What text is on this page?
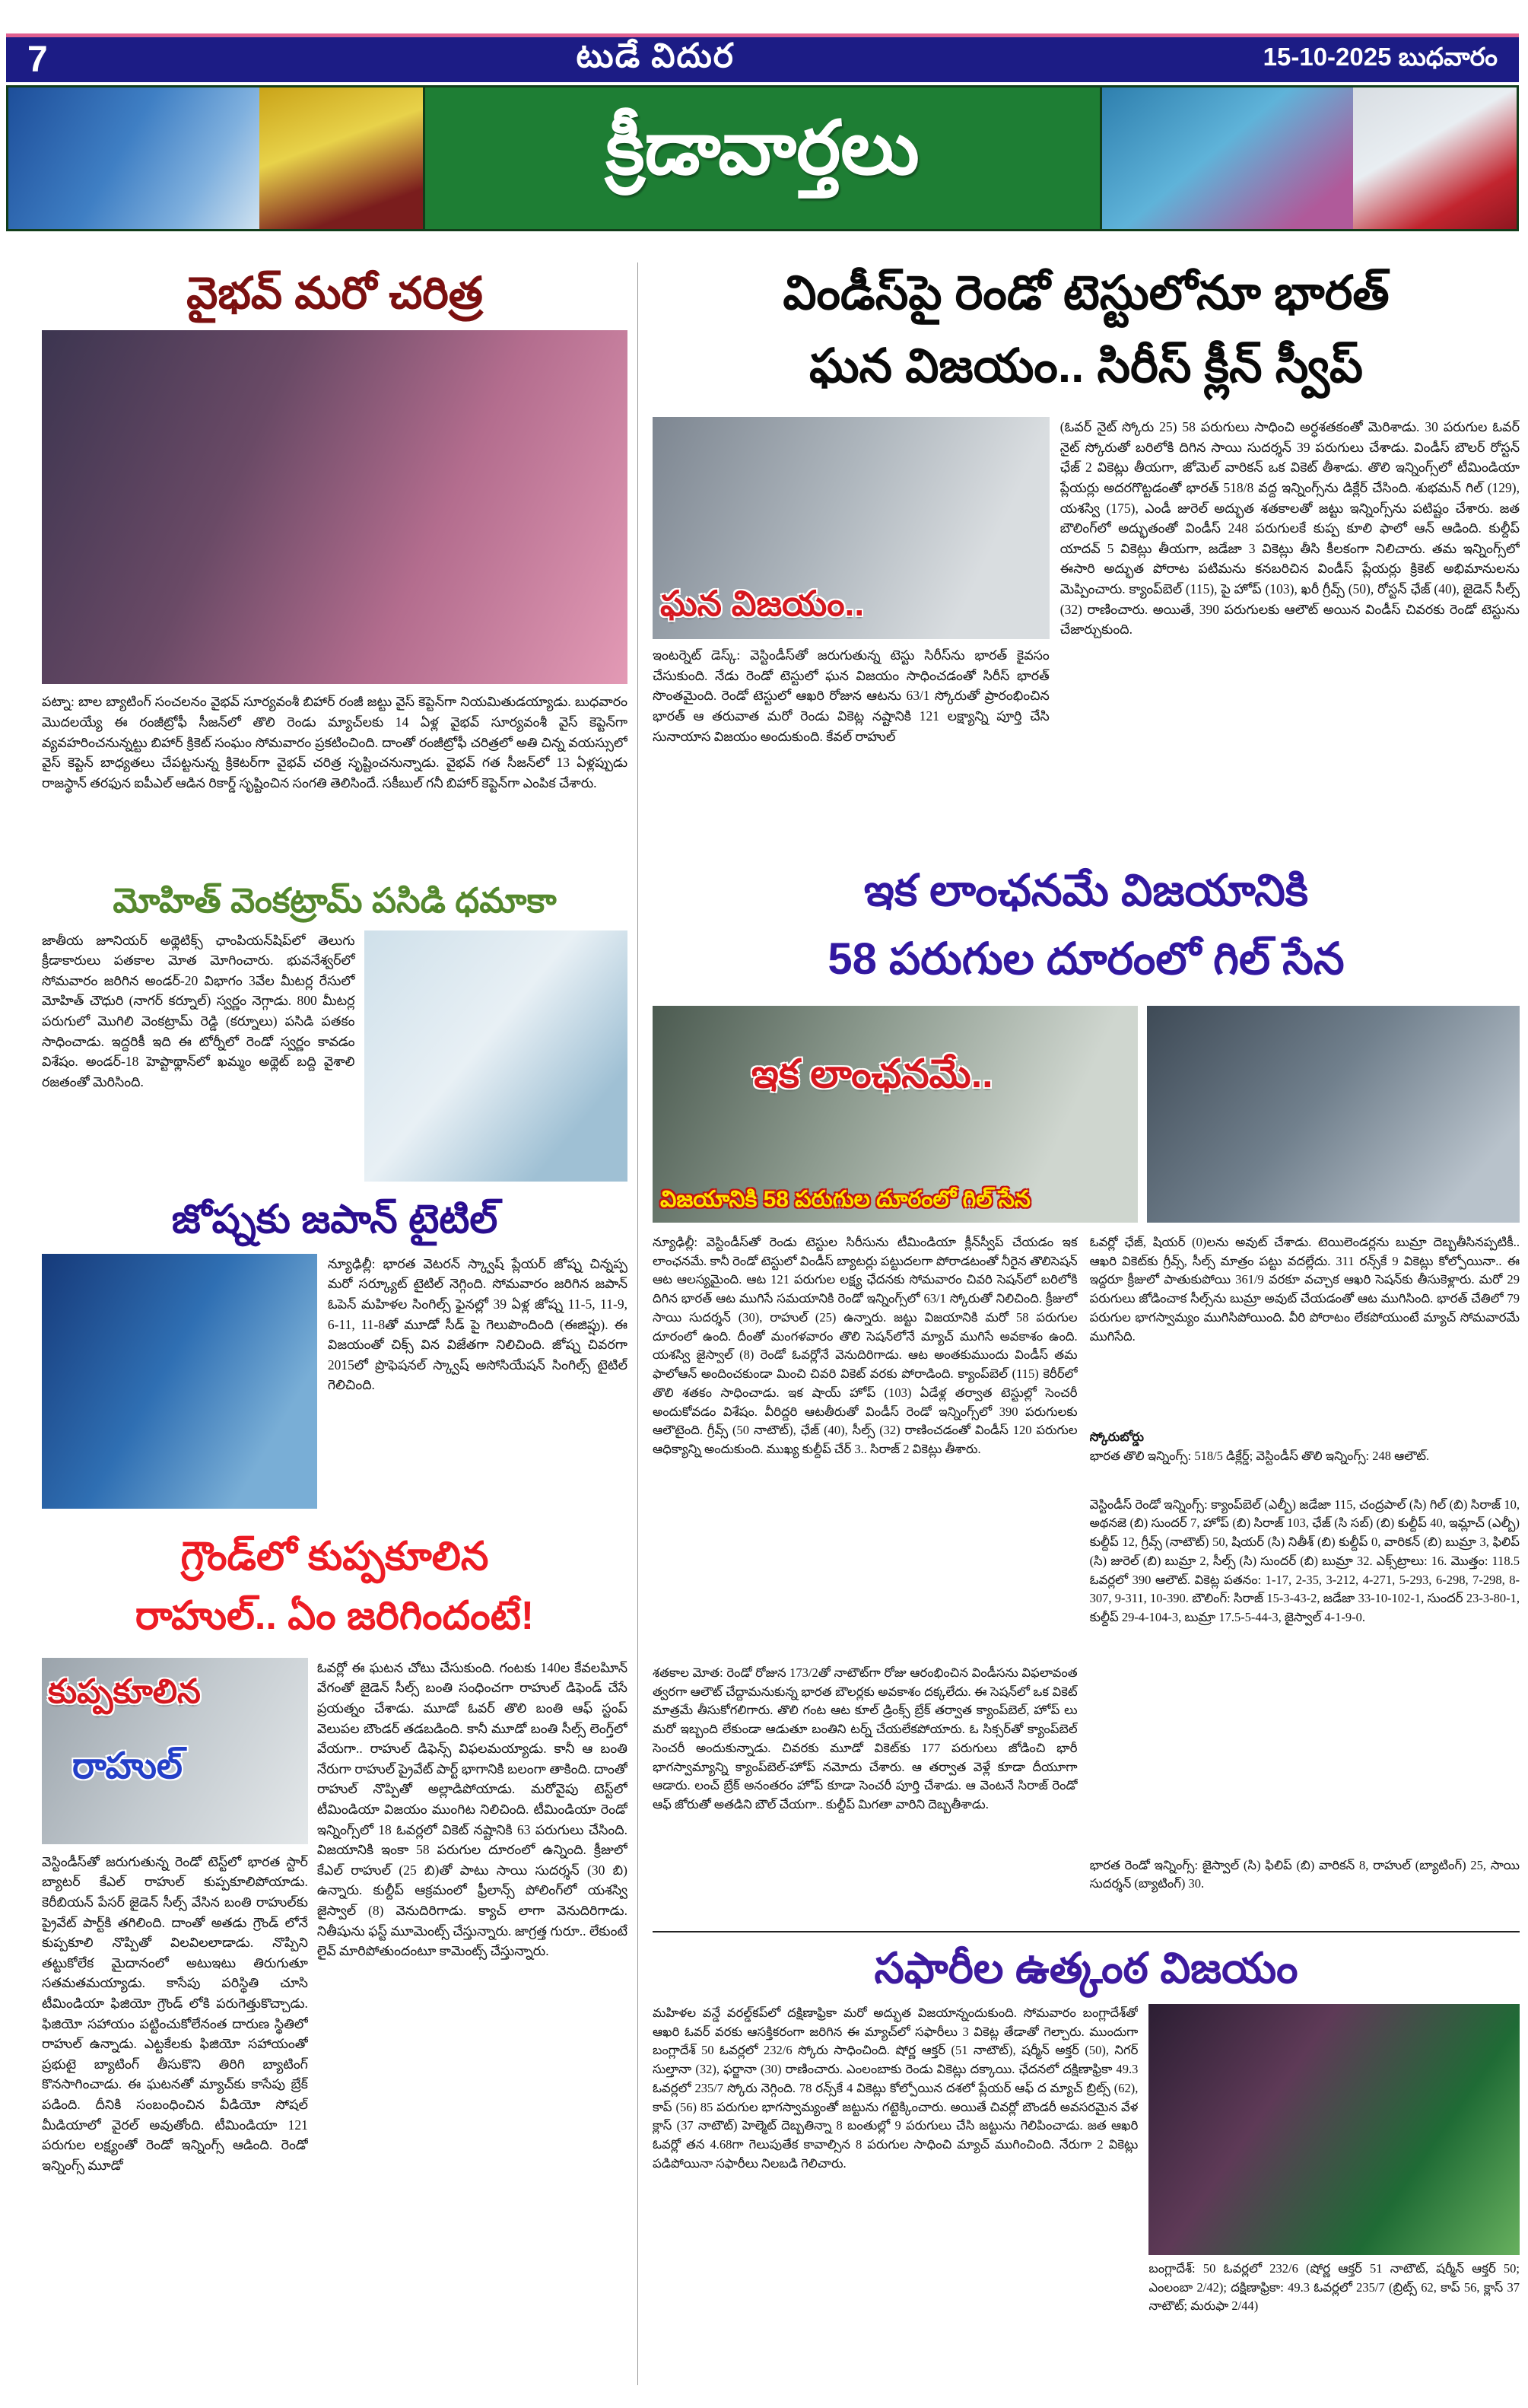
7	టుడే విదుర	15-10-2025 బుధవారం
క్రీడావార్తలు
వైభవ్ మరో చరిత్ర
పట్నా: బాల బ్యాటింగ్ సంచలనం వైభవ్ సూర్యవంశీ బిహార్ రంజీ జట్టు వైస్ కెప్టెన్‌గా నియమితుడయ్యాడు. బుధవారం మొదలయ్యే ఈ రంజీట్రోఫీ సీజన్‌లో తొలి రెండు మ్యాచ్‌లకు 14 ఏళ్ల వైభవ్ సూర్యవంశీ వైస్ కెప్టెన్‌గా వ్యవహరించనున్నట్టు బిహార్ క్రికెట్ సంఘం సోమవారం ప్రకటించింది. దాంతో రంజీట్రోఫీ చరిత్రలో అతి చిన్న వయస్సులో వైస్ కెప్టెన్ బాధ్యతలు చేపట్టనున్న క్రికెటర్‌గా వైభవ్ చరిత్ర సృష్టించనున్నాడు. వైభవ్ గత సీజన్‌లో 13 ఏళ్లప్పుడు రాజస్థాన్ తరఫున ఐపీఎల్ ఆడిన రికార్డ్ సృష్టించిన సంగతి తెలిసిందే. సకీబుల్ గనీ బిహార్ కెప్టెన్‌గా ఎంపిక చేశారు.
మోహిత్ వెంకట్రామ్ పసిడి ధమాకా
జాతీయ జూనియర్ అథ్లెటిక్స్ ఛాంపియన్‌షిప్‌లో తెలుగు క్రీడాకారులు పతకాల మోత మోగించారు. భువనేశ్వర్‌లో సోమవారం జరిగిన అండర్-20 విభాగం 3వేల మీటర్ల రేసులో మోహిత్ చౌధురి (నాగర్ కర్నూల్) స్వర్ణం నెగ్గాడు. 800 మీటర్ల పరుగులో మొగిలి వెంకట్రామ్ రెడ్డి (కర్నూలు) పసిడి పతకం సాధించాడు. ఇద్దరికీ ఇది ఈ టోర్నీలో రెండో స్వర్ణం కావడం విశేషం. అండర్-18 హెప్టాథ్లాన్‌లో ఖమ్మం అథ్లెట్ బద్ది వైశాలి రజతంతో మెరిసింది.
జోష్నకు జపాన్ టైటిల్
న్యూఢిల్లీ: భారత వెటరన్ స్క్వాష్ ప్లేయర్ జోష్న చిన్నప్ప మరో సర్క్యూట్ టైటిల్ నెగ్గింది. సోమవారం జరిగిన జపాన్ ఓపెన్ మహిళల సింగిల్స్ ఫైనల్లో 39 ఏళ్ల జోష్న 11-5, 11-9, 6-11, 11-8తో మూడో సీడ్ పై గెలుపొందింది (ఈజిప్షు). ఈ విజయంతో చిక్స్ విన విజేతగా నిలిచింది. జోష్న చివరగా 2015లో ప్రొఫెషనల్ స్క్వాష్ అసోసియేషన్ సింగిల్స్ టైటిల్ గెలిచింది.
గ్రౌండ్‌లో కుప్పకూలిన
రాహుల్.. ఏం జరిగిందంటే!
కుప్పకూలిన
రాహుల్
వెస్టిండీస్‌తో జరుగుతున్న రెండో టెస్ట్‌లో భారత స్టార్ బ్యాటర్ కేఎల్ రాహుల్ కుప్పకూలిపోయాడు. కెరీబియన్ పేసర్ జైడెన్ సీల్స్ వేసిన బంతి రాహుల్‌కు ప్రైవేట్ పార్ట్‌కి తగిలింది. దాంతో అతడు గ్రౌండ్ లోనే కుప్పకూలి నొప్పితో విలవిలలాడాడు. నొప్పిని తట్టుకోలేక మైదానంలో అటుఇటు తిరుగుతూ సతమతమయ్యాడు. కాసేపు పరిస్థితి చూసి టీమిండియా ఫిజియో గ్రౌండ్ లోకి పరుగెత్తుకొచ్చాడు. ఫిజియో సహాయం పట్టించుకోలేనంత దారుణ స్థితిలో రాహుల్ ఉన్నాడు. ఎట్టకేలకు ఫిజియో సహాయంతో ప్రభుటై బ్యాటింగ్ తీసుకొని తిరిగి బ్యాటింగ్ కొనసాగించాడు. ఈ ఘటనతో మ్యాచ్‌కు కాసేపు బ్రేక్ పడింది. దీనికి సంబంధించిన వీడియో సోషల్ మీడియాలో వైరల్ అవుతోంది. టీమిండియా 121 పరుగుల లక్ష్యంతో రెండో ఇన్నింగ్స్ ఆడింది. రెండో ఇన్నింగ్స్ మూడో
ఓవర్లో ఈ ఘటన చోటు చేసుకుంది. గంటకు 140ల కేవలపిూన్ వేగంతో జైడెన్ సీల్స్ బంతి సంధించగా రాహుల్ డిఫెండ్ చేసే ప్రయత్నం చేశాడు. మూడో ఓవర్ తొలి బంతి ఆఫ్ స్టంప్ వెలుపల బౌండర్ తడబడింది. కానీ మూడో బంతి సీల్స్ లెంగ్త్‌లో వేయగా.. రాహుల్ డిఫెన్స్ విఫలమయ్యాడు. కానీ ఆ బంతి నేరుగా రాహుల్ ప్రైవేట్ పార్ట్ భాగానికి బలంగా తాకింది. దాంతో రాహుల్ నొప్పితో అల్లాడిపోయాడు. మరోవైపు టెస్ట్‌లో టీమిండియా విజయం ముంగిట నిలిచింది. టీమిండియా రెండో ఇన్నింగ్స్‌లో 18 ఓవర్లలో వికెట్ నష్టానికి 63 పరుగులు చేసింది. విజయానికి ఇంకా 58 పరుగుల దూరంలో ఉన్నింది. క్రీజులో కేఎల్ రాహుల్ (25 బి)తో పాటు సాయి సుదర్శన్ (30 బి) ఉన్నారు. కుల్దీప్ ఆక్రమంలో ఫ్రీలాన్స్ పోలింగ్‌లో యశస్వి జైస్వాల్ (8) వెనుదిరిగాడు. క్యాచ్ లాగా వెనుదిరిగాడు. నితీషును ఫస్ట్ మూమెంట్స్ చేస్తున్నారు. జాగ్రత్త గురూ.. లేకుంటే లైవ్ మారిపోతుందంటూ కామెంట్స్ చేస్తున్నారు.
విండీస్‌పై రెండో టెస్టులోనూ భారత్
ఘన విజయం.. సిరీస్ క్లీన్ స్వీప్
ఘన విజయం..
ఇంటర్నెట్ డెస్క్: వెస్టిండీస్‌తో జరుగుతున్న టెస్టు సిరీస్‌ను భారత్ కైవసం చేసుకుంది. నేడు రెండో టెస్టులో ఘన విజయం సాధించడంతో సిరీస్ భారత్ సొంతమైంది. రెండో టెస్టులో ఆఖరి రోజున ఆటను 63/1 స్కోరుతో ప్రారంభించిన భారత్ ఆ తరువాత మరో రెండు వికెట్ల నష్టానికి 121 లక్ష్యాన్ని పూర్తి చేసి సునాయాస విజయం అందుకుంది. కేవల్ రాహుల్
(ఓవర్ నైట్ స్కోరు 25) 58 పరుగులు సాధించి అర్ధశతకంతో మెరిశాడు. 30 పరుగుల ఓవర్ నైట్ స్కోరుతో బరిలోకి దిగిన సాయి సుదర్శన్ 39 పరుగులు చేశాడు. విండీస్ బౌలర్ రోస్టన్ ఛేజ్ 2 వికెట్లు తీయగా, జోమెల్ వారికన్ ఒక వికెట్ తీశాడు. తొలి ఇన్నింగ్స్‌లో టీమిండియా ప్లేయర్లు అదరగొట్టడంతో భారత్ 518/8 వద్ద ఇన్నింగ్స్‌ను డిక్లేర్ చేసింది. శుభమన్ గిల్ (129), యశస్వి (175), ఎండీ జురెల్ అద్భుత శతకాలతో జట్టు ఇన్నింగ్స్‌ను పటిష్టం చేశారు. జత బౌలింగ్‌లో అద్భుతంతో విండీస్ 248 పరుగులకే కుప్ప కూలి ఫాలో ఆన్ ఆడింది. కుల్దీప్ యాదవ్ 5 వికెట్లు తీయగా, జడేజా 3 వికెట్లు తీసి కీలకంగా నిలిచారు. తమ ఇన్నింగ్స్‌లో ఈసారి అద్భుత పోరాట పటిమను కనబరిచిన విండీస్ ప్లేయర్లు క్రికెట్ అభిమానులను మెప్పించారు. క్యాంప్‌బెల్ (115), పై హోప్ (103), ఖరీ గ్రీవ్స్ (50), రోస్టన్ ఛేజ్ (40), జైడెన్ సీల్స్ (32) రాణించారు. అయితే, 390 పరుగులకు ఆలౌట్ అయిన విండీస్ చివరకు రెండో టెస్టును చేజార్చుకుంది.
ఇక లాంఛనమే విజయానికి
58 పరుగుల దూరంలో గిల్ సేన
ఇక లాంఛనమే..
విజయానికి 58 పరుగుల దూరంలో గిల్ సేన
న్యూఢిల్లీ: వెస్టిండీస్‌తో రెండు టెస్టుల సిరీసును టీమిండియా క్లీన్‌స్వీప్ చేయడం ఇక లాంఛనమే. కానీ రెండో టెస్టులో విండీస్ బ్యాటర్లు పట్టుదలగా పోరాడటంతో నీరైన తొలిసెషన్ ఆట ఆలస్యమైంది. ఆట 121 పరుగుల లక్ష్య ఛేదనకు సోమవారం చివరి సెషన్‌లో బరిలోకి దిగిన భారత్ ఆట ముగిసే సమయానికి రెండో ఇన్నింగ్స్‌లో 63/1 స్కోరుతో నిలిచింది. క్రీజులో సాయి సుదర్శన్ (30), రాహుల్ (25) ఉన్నారు. జట్టు విజయానికి మరో 58 పరుగుల దూరంలో ఉంది. దీంతో మంగళవారం తొలి సెషన్‌లోనే మ్యాచ్ ముగిసే అవకాశం ఉంది. యశస్వి జైస్వాల్ (8) రెండో ఓవర్లోనే వెనుదిరిగాడు. ఆట అంతకుముందు విండీస్ తమ ఫాలోఆన్ అందించకుండా మించి చివరి వికెట్ వరకు పోరాడింది. క్యాంప్‌బెల్ (115) కెరీర్‌లో తొలి శతకం సాధించాడు. ఇక షాయ్ హోప్ (103) ఏడేళ్ల తర్వాత టెస్టుల్లో సెంచరీ అందుకోవడం విశేషం. వీరిద్దరి ఆటతీరుతో విండీస్ రెండో ఇన్నింగ్స్‌లో 390 పరుగులకు ఆలౌటైంది. గ్రీవ్స్ (50 నాటౌట్), ఛేజ్ (40), సీల్స్ (32) రాణించడంతో విండీస్ 120 పరుగుల ఆధిక్యాన్ని అందుకుంది. ముఖ్య కుల్దీప్ చేర్ 3.. సిరాజ్ 2 వికెట్లు తీశారు.
శతకాల మోత: రెండో రోజున 173/2తో నాటౌట్‌గా రోజు ఆరంభించిన విండీసను విఫలావంత త్వరగా ఆలౌట్ చేద్దామనుకున్న భారత బౌలర్లకు అవకాశం దక్కలేదు. ఈ సెషన్‌లో ఒక వికెట్ మాత్రమే తీసుకోగలిగారు. తొలి గంట ఆట కూల్ డ్రింక్స్ బ్రేక్ తర్వాత క్యాంప్‌బెల్, హోప్ లు మరో ఇబ్బంది లేకుండా ఆడుతూ బంతిని టర్న్ చేయలేకపోయారు. ఓ సిక్సర్‌తో క్యాంప్‌బెల్ సెంచరీ అందుకున్నాడు. చివరకు మూడో వికెట్‌కు 177 పరుగులు జోడించి భారీ భాగస్వామ్యాన్ని క్యాంప్‌బెల్-హోప్ నమోదు చేశారు. ఆ తర్వాత వెళ్లే కూడా దీయూగా ఆడారు. లంచ్ బ్రేక్ అనంతరం హోప్ కూడా సెంచరీ పూర్తి చేశాడు. ఆ వెంటనే సిరాజ్ రెండో ఆఫ్ జోరుతో అతడిని బౌల్ చేయగా.. కుల్దీప్ మిగతా వారిని దెబ్బతీశాడు.
ఓవర్లో ఛేజ్, షియర్ (0)లను అవుట్ చేశాడు. టెయిలెండర్లను బుమ్రా దెబ్బతీసినప్పటికీ.. ఆఖరి వికెట్‌కు గ్రీవ్స్, సీల్స్ మాత్రం పట్టు వదల్లేదు. 311 రన్స్‌కే 9 వికెట్లు కోల్పోయినా.. ఈ ఇద్దరూ క్రీజులో పాతుకుపోయి 361/9 వరకూ వచ్చాక ఆఖరి సెషన్‌కు తీసుకెళ్లారు. మరో 29 పరుగులు జోడించాక సీల్స్‌ను బుమ్రా అవుట్ చేయడంతో ఆట ముగిసింది. భారత్ చేతిలో 79 పరుగుల భాగస్వామ్యం ముగిసిపోయింది. వీరి పోరాటం లేకపోయుంటే మ్యాచ్ సోమవారమే ముగిసేది.
స్కోరుబోర్డు
భారత తొలి ఇన్నింగ్స్: 518/5 డిక్లేర్డ్; వెస్టిండీస్ తొలి ఇన్నింగ్స్: 248 ఆలౌట్.
వెస్టిండీస్ రెండో ఇన్నింగ్స్: క్యాంప్‌బెల్ (ఎల్బీ) జడేజా 115, చంద్రపాల్ (సి) గిల్ (బి) సిరాజ్ 10, అథనజె (బి) సుందర్ 7, హోప్ (బి) సిరాజ్ 103, ఛేజ్ (సి సబ్) (బి) కుల్దీప్ 40, ఇమ్లాచ్ (ఎల్బీ) కుల్దీప్ 12, గ్రీవ్స్ (నాటౌట్) 50, షియర్ (సి) నితీశ్ (బి) కుల్దీప్ 0, వారికన్ (బి) బుమ్రా 3, ఫిలిప్ (సి) జురెల్ (బి) బుమ్రా 2, సీల్స్ (సి) సుందర్ (బి) బుమ్రా 32. ఎక్స్‌ట్రాలు: 16. మొత్తం: 118.5 ఓవర్లలో 390 ఆలౌట్. వికెట్ల పతనం: 1-17, 2-35, 3-212, 4-271, 5-293, 6-298, 7-298, 8-307, 9-311, 10-390. బౌలింగ్: సిరాజ్ 15-3-43-2, జడేజా 33-10-102-1, సుందర్ 23-3-80-1, కుల్దీప్ 29-4-104-3, బుమ్రా 17.5-5-44-3, జైస్వాల్ 4-1-9-0.
భారత రెండో ఇన్నింగ్స్: జైస్వాల్ (సి) ఫిలిప్ (బి) వారికన్ 8, రాహుల్ (బ్యాటింగ్) 25, సాయి సుదర్శన్ (బ్యాటింగ్) 30.
సఫారీల ఉత్కంఠ విజయం
మహిళల వన్డే వరల్డ్‌కప్‌లో దక్షిణాఫ్రికా మరో అద్భుత విజయాన్నందుకుంది. సోమవారం బంగ్లాదేశ్‌తో ఆఖరి ఓవర్ వరకు ఆసక్తికరంగా జరిగిన ఈ మ్యాచ్‌లో సఫారీలు 3 వికెట్ల తేడాతో గెల్చారు. ముందుగా బంగ్లాదేశ్ 50 ఓవర్లలో 232/6 స్కోరు సాధించింది. షోర్ణ ఆక్తర్ (51 నాటౌట్), షర్మీన్ అక్తర్ (50), నిగర్ సుల్తానా (32), ఫర్జానా (30) రాణించారు. ఎంలంబాకు రెండు వికెట్లు దక్కాయి. ఛేదనలో దక్షిణాఫ్రికా 49.3 ఓవర్లలో 235/7 స్కోరు నెగ్గింది. 78 రన్స్‌కే 4 వికెట్లు కోల్పోయిన దశలో ప్లేయర్ ఆఫ్ ద మ్యాచ్ బ్రిట్స్ (62), కాప్ (56) 85 పరుగుల భాగస్వామ్యంతో జట్టును గట్టెక్కించారు. అయితే చివర్లో బౌండరీ అవసరమైన వేళ క్లాస్ (37 నాటౌట్) హెల్మెట్ దెబ్బతిన్నా 8 బంతుల్లో 9 పరుగులు చేసి జట్టును గెలిపించాడు. జత ఆఖరి ఓవర్లో తన 4.68గా గెలుపుతేక కావాల్సిన 8 పరుగుల సాధించి మ్యాచ్ ముగించింది. నేరుగా 2 వికెట్లు పడిపోయినా సఫారీలు నిలబడి గెలిచారు.
బంగ్లాదేశ్: 50 ఓవర్లలో 232/6 (షోర్ణ ఆక్తర్ 51 నాటౌట్, షర్మీన్ ఆక్తర్ 50; ఎంలంబా 2/42); దక్షిణాఫ్రికా: 49.3 ఓవర్లలో 235/7 (బ్రిట్స్ 62, కాప్ 56, క్లాస్ 37 నాటౌట్; మరుఫా 2/44)
